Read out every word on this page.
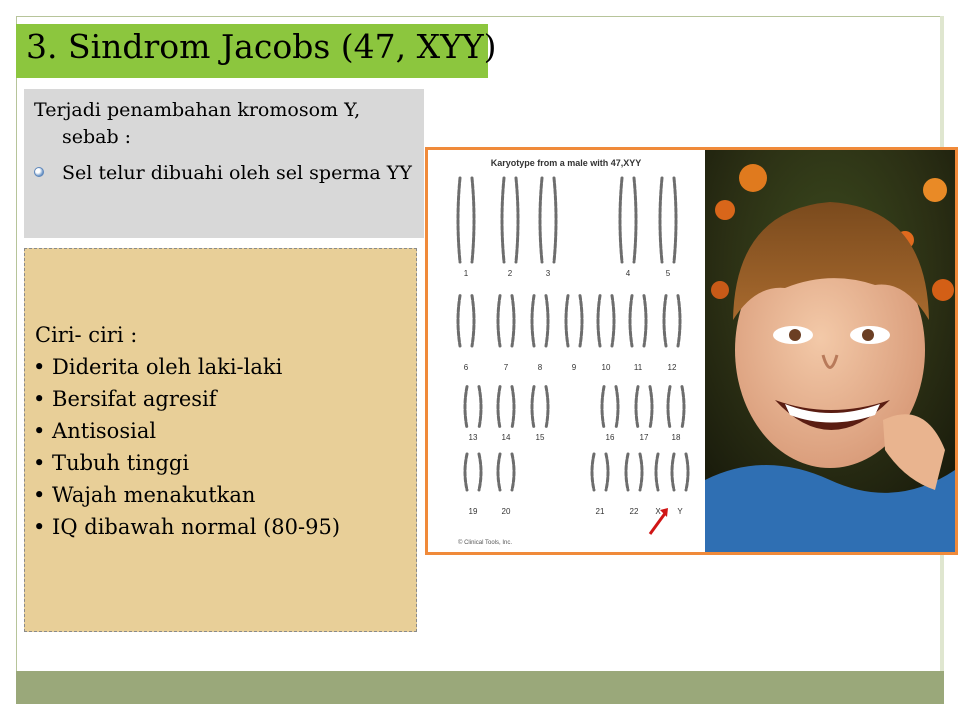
3. Sindrom Jacobs (47, XYY)
Terjadi penambahan kromosom Y,
sebab :
Sel telur dibuahi oleh sel sperma YY
Ciri- ciri :
• Diderita oleh laki-laki
• Bersifat agresif
• Antisosial
• Tubuh tinggi
• Wajah menakutkan
• IQ dibawah normal (80-95)
Karyotype from a male with 47,XYY
1	2	3	4	5
6	7	8	9	10	11	12
13	14	15	16	17	18
19	20	21	22 X Y
© Clinical Tools, Inc.
